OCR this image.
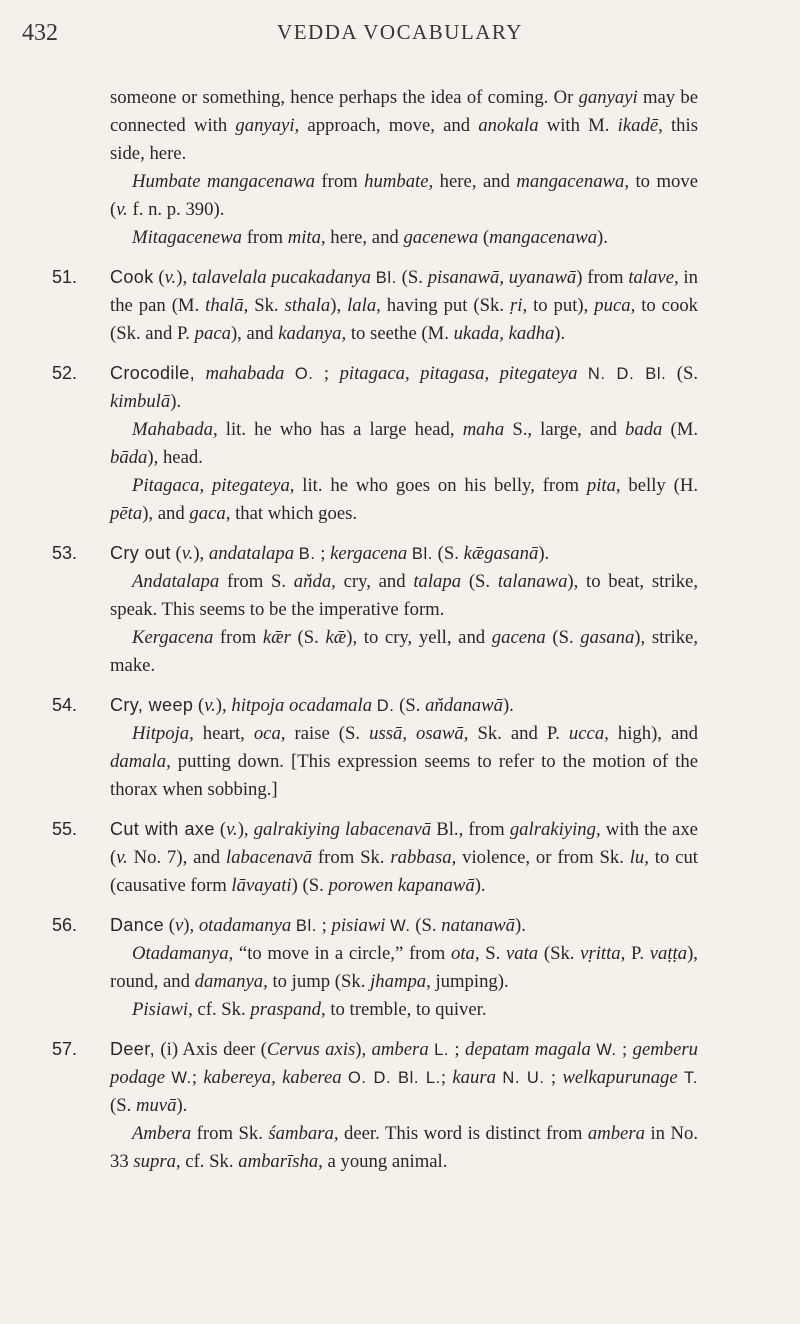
432	VEDDA VOCABULARY

someone or something, hence perhaps the idea of coming. Or ganyayi may be connected with ganyayi, approach, move, and anokala with M. ikadē, this side, here.

Humbate mangacenawa from humbate, here, and mangacenawa, to move (v. f. n. p. 390).

Mitagacenewa from mita, here, and gacenewa (mangacenawa).

51. Cook (v.), talavelala pucakadanya Bl. (S. pisanawā, uyanawā) from talave, in the pan (M. thalā, Sk. sthala), lala, having put (Sk. ṛi, to put), puca, to cook (Sk. and P. paca), and kadanya, to seethe (M. ukada, kadha).

52. Crocodile, mahabada O. ; pitagaca, pitagasa, pitegateya N. D. Bl. (S. kimbulā).

Mahabada, lit. he who has a large head, maha S., large, and bada (M. bāda), head.

Pitagaca, pitegateya, lit. he who goes on his belly, from pita, belly (H. pēta), and gaca, that which goes.

53. Cry out (v.), andatalapa B. ; kergacena Bl. (S. kǣgasanā).

Andatalapa from S. aňda, cry, and talapa (S. talanawa), to beat, strike, speak. This seems to be the imperative form.

Kergacena from kǣr (S. kǣ), to cry, yell, and gacena (S. gasana), strike, make.

54. Cry, weep (v.), hitpoja ocadamala D. (S. aňdanawā).

Hitpoja, heart, oca, raise (S. ussā, osawā, Sk. and P. ucca, high), and damala, putting down. [This expression seems to refer to the motion of the thorax when sobbing.]

55. Cut with axe (v.), galrakiying labacenavā Bl., from galrakiying, with the axe (v. No. 7), and labacenavā from Sk. rabbasa, violence, or from Sk. lu, to cut (causative form lāvayati) (S. porowen kapanawā).

56. Dance (v), otadamanya Bl. ; pisiawi W. (S. natanawā).

Otadamanya, “to move in a circle,” from ota, S. vata (Sk. vṛitta, P. vaṭṭa), round, and damanya, to jump (Sk. jhampa, jumping).

Pisiawi, cf. Sk. praspand, to tremble, to quiver.

57. Deer, (i) Axis deer (Cervus axis), ambera L. ; depatam magala W. ; gemberu podage W.; kabereya, kaberea O. D. Bl. L.; kaura N. U. ; welkapurunage T. (S. muvā).

Ambera from Sk. śambara, deer. This word is distinct from ambera in No. 33 supra, cf. Sk. ambarīsha, a young animal.
